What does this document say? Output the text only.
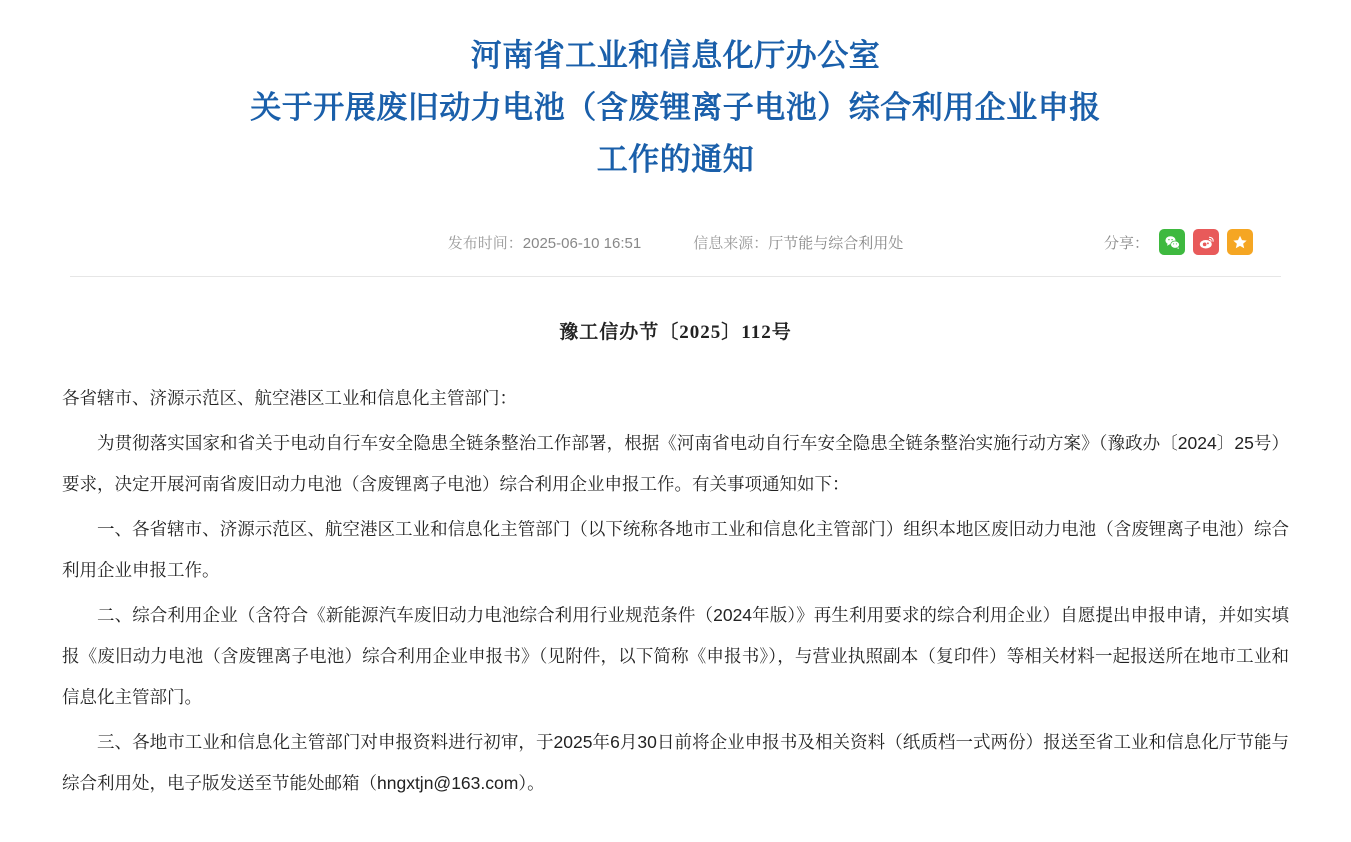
河南省工业和信息化厅办公室
关于开展废旧动力电池（含废锂离子电池）综合利用企业申报
工作的通知
发布时间：2025-06-10 16:51	信息来源：厅节能与综合利用处	分享：
豫工信办节〔2025〕112号

各省辖市、济源示范区、航空港区工业和信息化主管部门：

为贯彻落实国家和省关于电动自行车安全隐患全链条整治工作部署，根据《河南省电动自行车安全隐患全链条整治实施行动方案》（豫政办〔2024〕25号）要求，决定开展河南省废旧动力电池（含废锂离子电池）综合利用企业申报工作。有关事项通知如下：

一、各省辖市、济源示范区、航空港区工业和信息化主管部门（以下统称各地市工业和信息化主管部门）组织本地区废旧动力电池（含废锂离子电池）综合利用企业申报工作。

二、综合利用企业（含符合《新能源汽车废旧动力电池综合利用行业规范条件（2024年版）》再生利用要求的综合利用企业）自愿提出申报申请，并如实填报《废旧动力电池（含废锂离子电池）综合利用企业申报书》（见附件，以下简称《申报书》），与营业执照副本（复印件）等相关材料一起报送所在地市工业和信息化主管部门。

三、各地市工业和信息化主管部门对申报资料进行初审，于2025年6月30日前将企业申报书及相关资料（纸质档一式两份）报送至省工业和信息化厅节能与综合利用处，电子版发送至节能处邮箱（hngxtjn@163.com）。
